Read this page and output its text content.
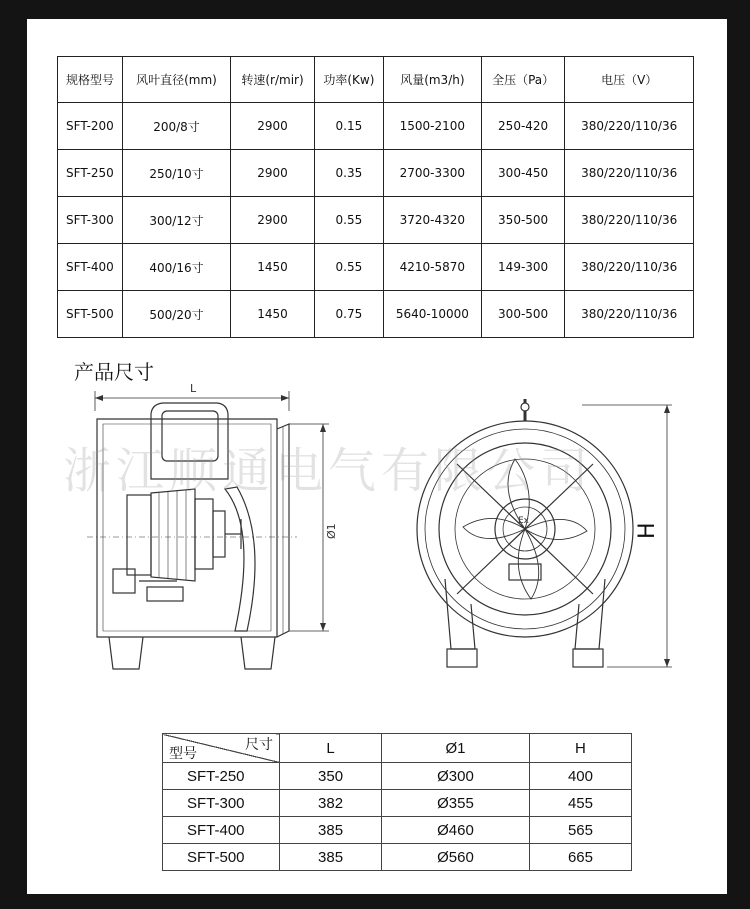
规格型号	风叶直径(mm)	转速(r/mir)	功率(Kw)	风量(m3/h)	全压（Pa）	电压（V）
SFT-200	200/8寸	2900	0.15	1500-2100	250-420	380/220/110/36
SFT-250	250/10寸	2900	0.35	2700-3300	300-450	380/220/110/36
SFT-300	300/12寸	2900	0.55	3720-4320	350-500	380/220/110/36
SFT-400	400/16寸	1450	0.55	4210-5870	149-300	380/220/110/36
SFT-500	500/20寸	1450	0.75	5640-10000	300-500	380/220/110/36
产品尺寸
L
Ø1	H
Ex
浙江顺通电气有限公司
尺寸
型号	L	Ø1	H
SFT-250	350	Ø300	400
SFT-300	382	Ø355	455
SFT-400	385	Ø460	565
SFT-500	385	Ø560	665
